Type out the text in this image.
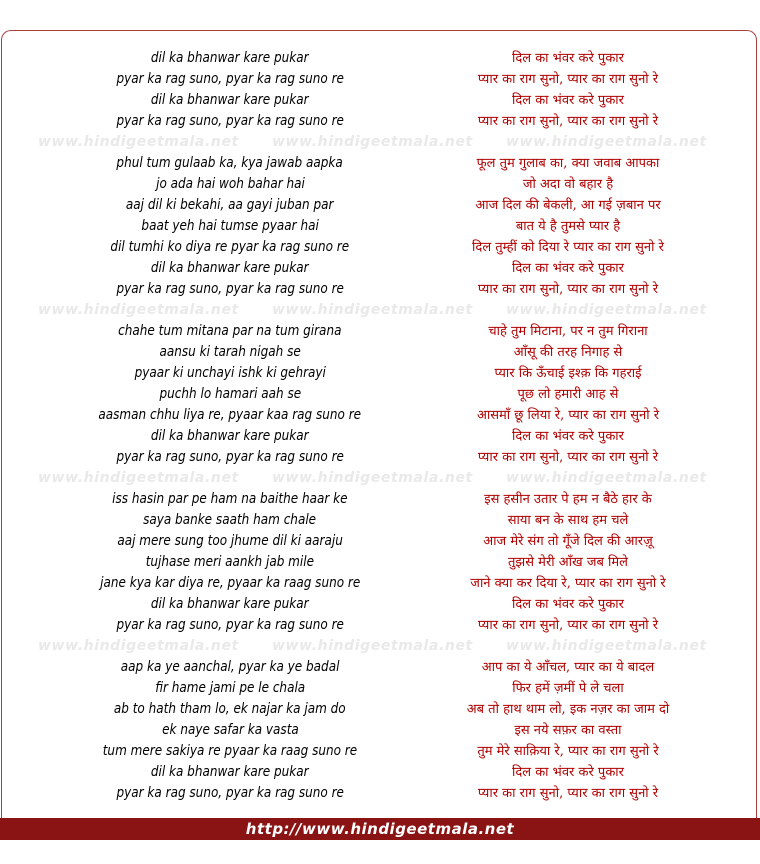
www.hindigeetmala.net www.hindigeetmala.net www.hindigeetmala.net
www.hindigeetmala.net www.hindigeetmala.net www.hindigeetmala.net
www.hindigeetmala.net www.hindigeetmala.net www.hindigeetmala.net
www.hindigeetmala.net www.hindigeetmala.net www.hindigeetmala.net
dil ka bhanwar kare pukar
pyar ka rag suno, pyar ka rag suno re
dil ka bhanwar kare pukar
pyar ka rag suno, pyar ka rag suno re
phul tum gulaab ka, kya jawab aapka
jo ada hai woh bahar hai
aaj dil ki bekahi, aa gayi juban par
baat yeh hai tumse pyaar hai
dil tumhi ko diya re pyar ka rag suno re
dil ka bhanwar kare pukar
pyar ka rag suno, pyar ka rag suno re
chahe tum mitana par na tum girana
aansu ki tarah nigah se
pyaar ki unchayi ishk ki gehrayi
puchh lo hamari aah se
aasman chhu liya re, pyaar kaa rag suno re
dil ka bhanwar kare pukar
pyar ka rag suno, pyar ka rag suno re
iss hasin par pe ham na baithe haar ke
saya banke saath ham chale
aaj mere sung too jhume dil ki aaraju
tujhase meri aankh jab mile
jane kya kar diya re, pyaar ka raag suno re
dil ka bhanwar kare pukar
pyar ka rag suno, pyar ka rag suno re
aap ka ye aanchal, pyar ka ye badal
fir hame jami pe le chala
ab to hath tham lo, ek najar ka jam do
ek naye safar ka vasta
tum mere sakiya re pyaar ka raag suno re
dil ka bhanwar kare pukar
pyar ka rag suno, pyar ka rag suno re
दिल का भंवर करे पुकार
प्यार का राग सुनो, प्यार का राग सुनो रे
दिल का भंवर करे पुकार
प्यार का राग सुनो, प्यार का राग सुनो रे
फूल तुम गुलाब का, क्या जवाब आपका
जो अदा वो बहार है
आज दिल की बेकली, आ गई ज़बान पर
बात ये है तुमसे प्यार है
दिल तुम्हीं को दिया रे प्यार का राग सुनो रे
दिल का भंवर करे पुकार
प्यार का राग सुनो, प्यार का राग सुनो रे
चाहे तुम मिटाना, पर न तुम गिराना
आँसू की तरह निगाह से
प्यार कि ऊँचाई इश्क़ कि गहराई
पूछ लो हमारी आह से
आसमाँ छू लिया रे, प्यार का राग सुनो रे
दिल का भंवर करे पुकार
प्यार का राग सुनो, प्यार का राग सुनो रे
इस हसीन उतार पे हम न बैठे हार के
साया बन के साथ हम चले
आज मेरे संग तो गूँजे दिल की आरज़ू
तुझसे मेरी आँख जब मिले
जाने क्या कर दिया रे, प्यार का राग सुनो रे
दिल का भंवर करे पुकार
प्यार का राग सुनो, प्यार का राग सुनो रे
आप का ये आँचल, प्यार का ये बादल
फिर हमें ज़मीं पे ले चला
अब तो हाथ थाम लो, इक नज़र का जाम दो
इस नये सफ़र का वस्ता
तुम मेरे साक़िया रे, प्यार का राग सुनो रे
दिल का भंवर करे पुकार
प्यार का राग सुनो, प्यार का राग सुनो रे
http://www.hindigeetmala.net
